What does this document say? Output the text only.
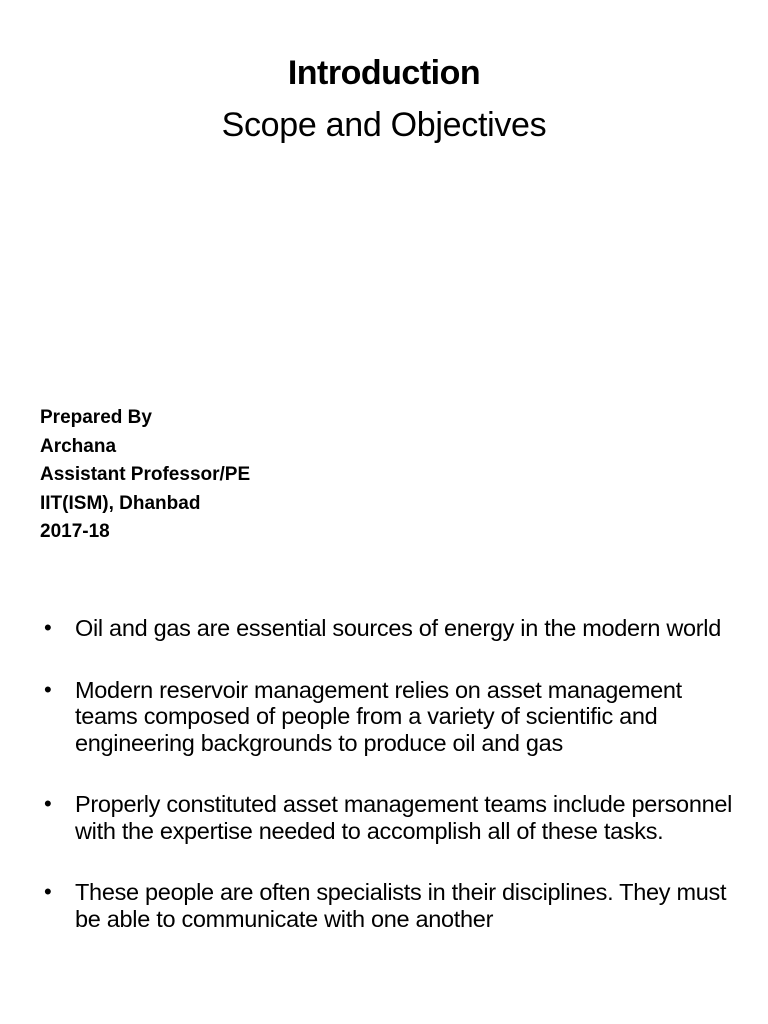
Introduction
Scope and Objectives
Prepared By
Archana
Assistant Professor/PE
IIT(ISM), Dhanbad
2017-18
• Oil and gas are essential sources of energy in the modern world
• Modern reservoir management relies on asset management teams composed of people from a variety of scientific and engineering backgrounds to produce oil and gas
• Properly constituted asset management teams include personnel with the expertise needed to accomplish all of these tasks.
• These people are often specialists in their disciplines. They must be able to communicate with one another
